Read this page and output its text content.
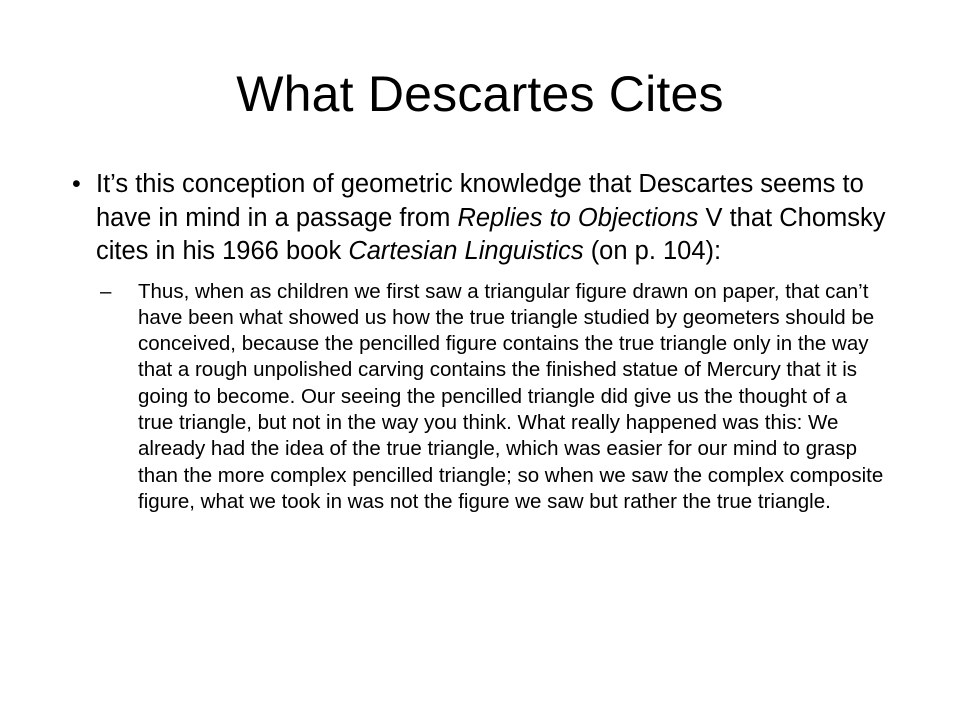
What Descartes Cites
• It’s this conception of geometric knowledge that Descartes seems to have in mind in a passage from Replies to Objections V that Chomsky cites in his 1966 book Cartesian Linguistics (on p. 104):
– Thus, when as children we first saw a triangular figure drawn on paper, that can’t have been what showed us how the true triangle studied by geometers should be conceived, because the pencilled figure contains the true triangle only in the way that a rough unpolished carving contains the finished statue of Mercury that it is going to become. Our seeing the pencilled triangle did give us the thought of a true triangle, but not in the way you think. What really happened was this: We already had the idea of the true triangle, which was easier for our mind to grasp than the more complex pencilled triangle; so when we saw the complex composite figure, what we took in was not the figure we saw but rather the true triangle.
